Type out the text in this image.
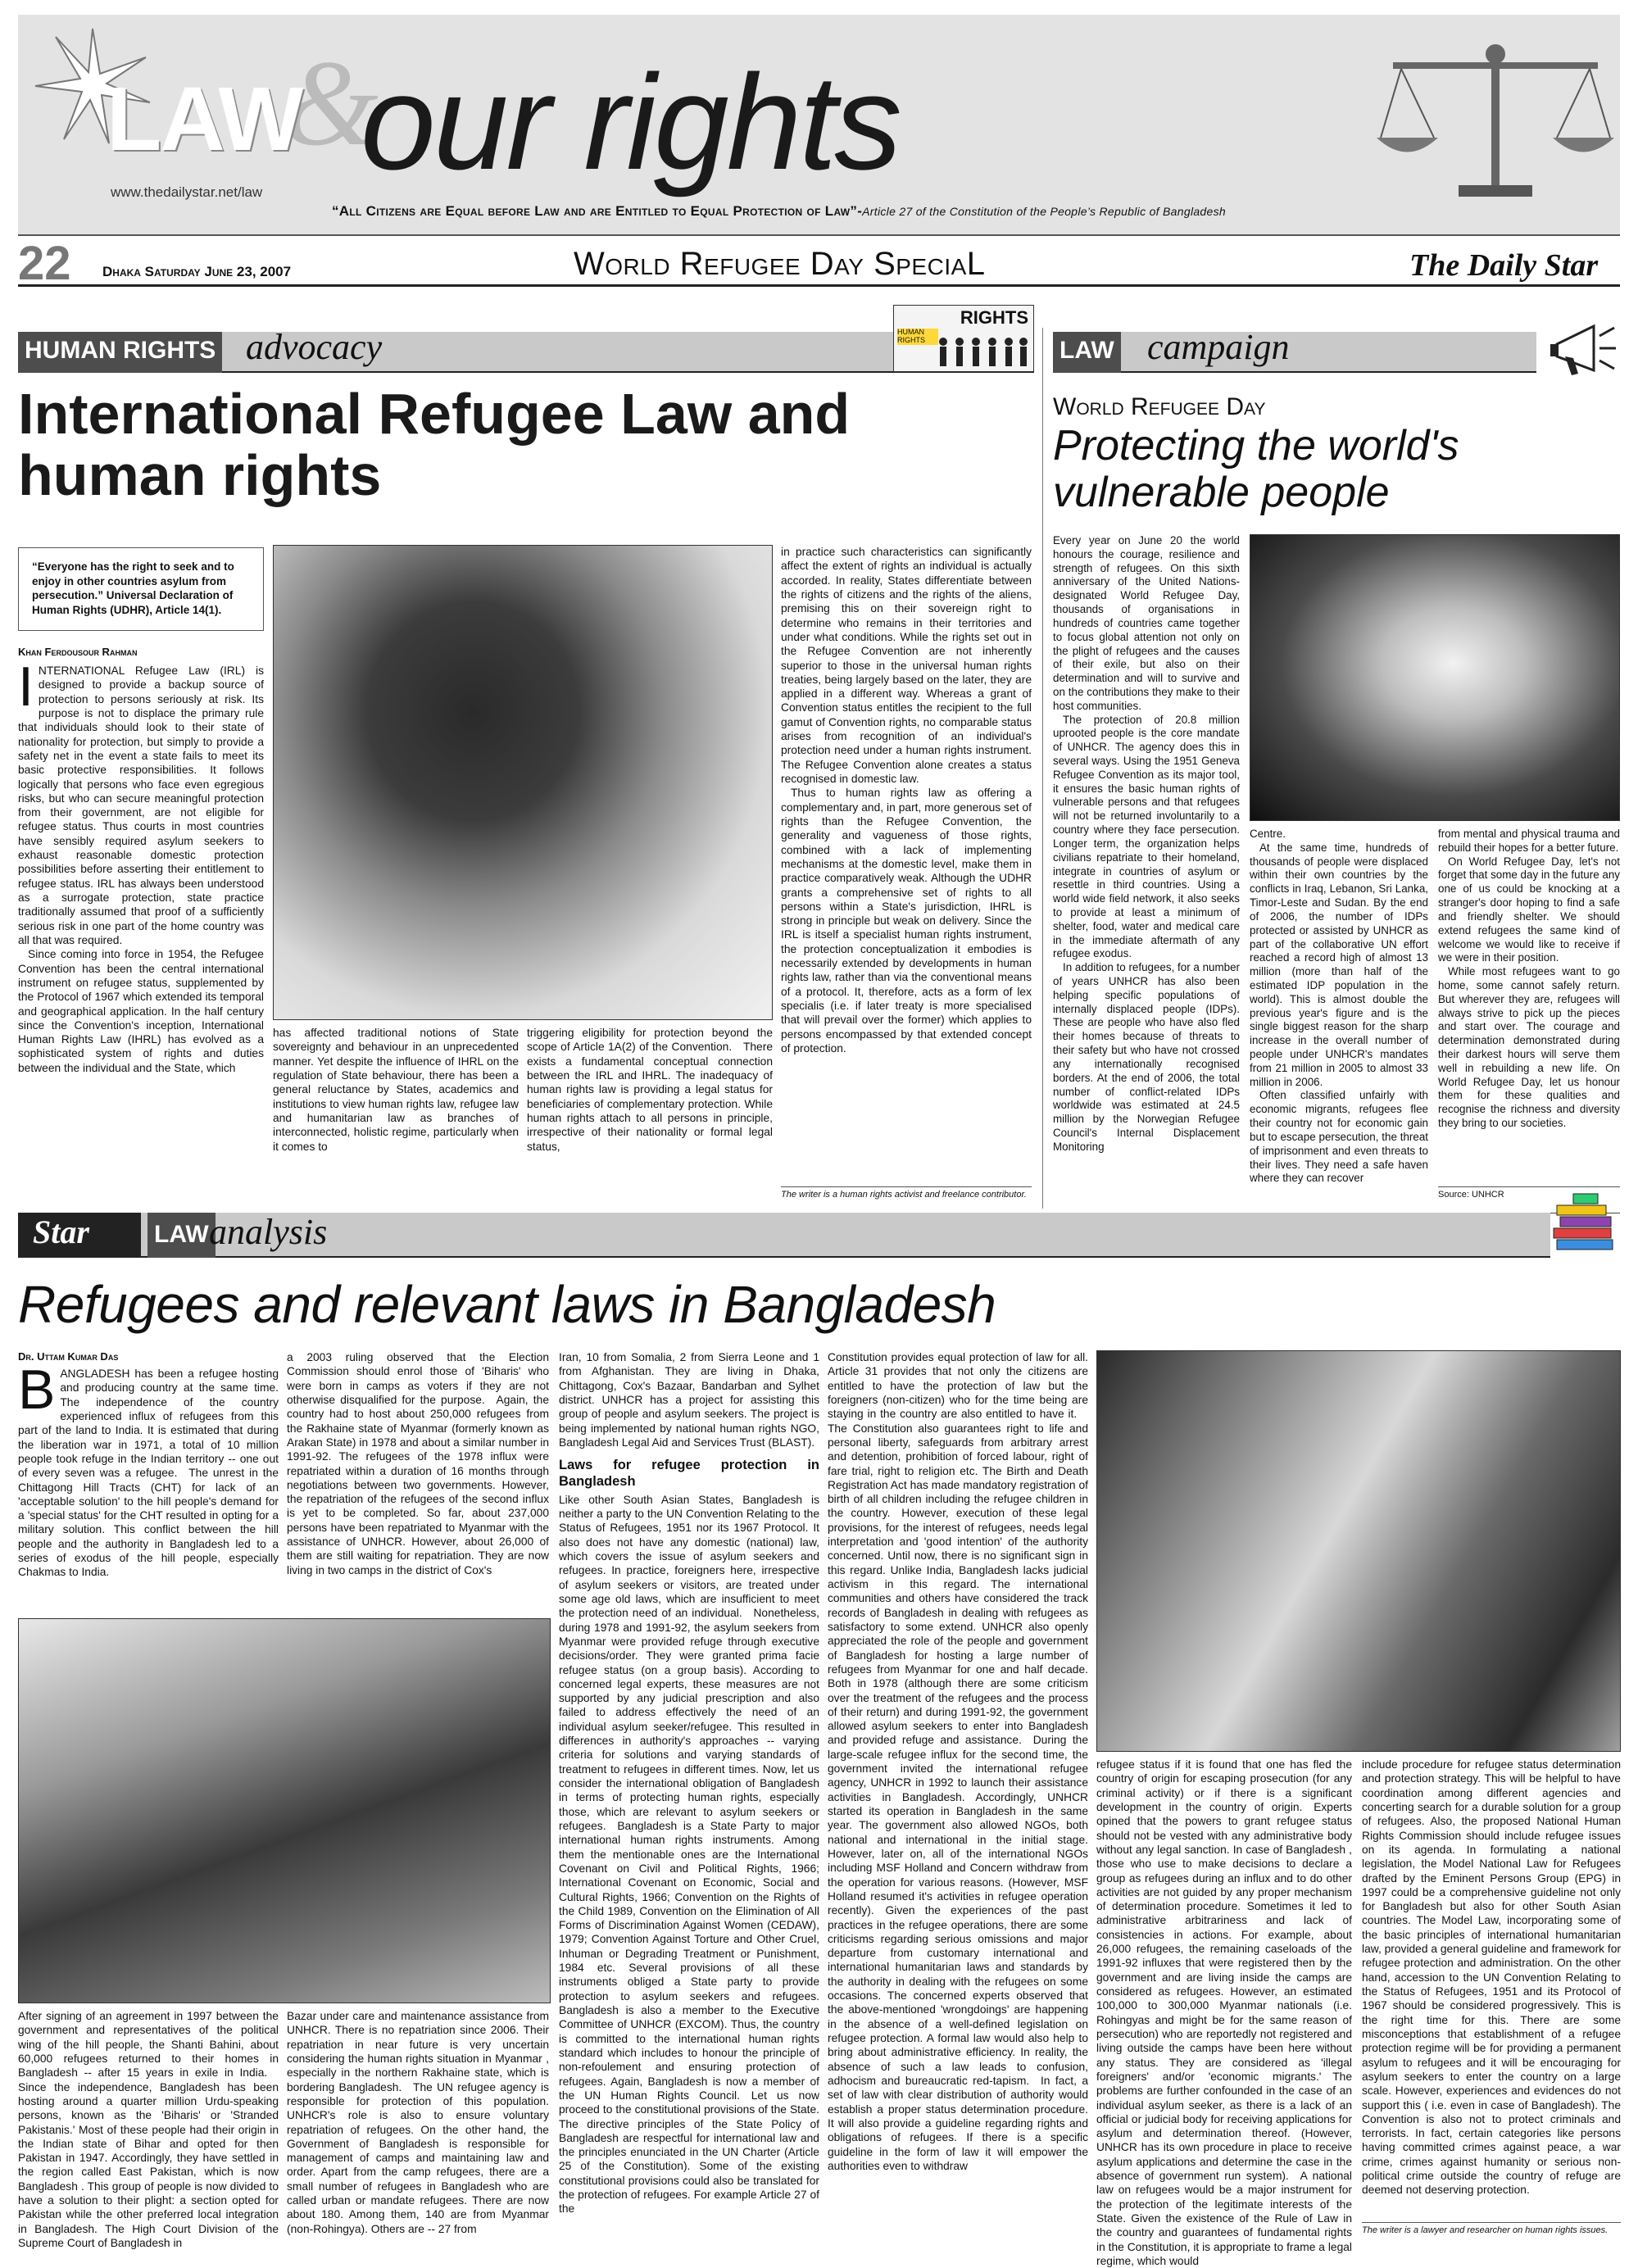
&
LAW our rights
www.thedailystar.net/law
“All Citizens are Equal before Law and are Entitled to Equal Protection of Law”-Article 27 of the Constitution of the People’s Republic of Bangladesh
22 Dhaka Saturday June 23, 2007	World Refugee Day SpeciaL	The Daily Star
HUMAN RIGHTS advocacy
RIGHTS
HUMAN RIGHTS
International Refugee Law and human rights
“Everyone has the right to seek and to enjoy in other countries asylum from persecution.” Universal Declaration of Human Rights (UDHR), Article 14(1).
Khan Ferdousour Rahman

INTERNATIONAL Refugee Law (IRL) is designed to provide a backup source of protection to persons seriously at risk. Its purpose is not to displace the primary rule that individuals should look to their state of nationality for protection, but simply to provide a safety net in the event a state fails to meet its basic protective responsibilities. It follows logically that persons who face even egregious risks, but who can secure meaningful protection from their government, are not eligible for refugee status. Thus courts in most countries have sensibly required asylum seekers to exhaust reasonable domestic protection possibilities before asserting their entitlement to refugee status. IRL has always been understood as a surrogate protection, state practice traditionally assumed that proof of a sufficiently serious risk in one part of the home country was all that was required.

Since coming into force in 1954, the Refugee Convention has been the central international instrument on refugee status, supplemented by the Protocol of 1967 which extended its temporal and geographical application. In the half century since the Convention's inception, International Human Rights Law (IHRL) has evolved as a sophisticated system of rights and duties between the individual and the State, which

has affected traditional notions of State sovereignty and behaviour in an unprecedented manner. Yet despite the influence of IHRL on the regulation of State behaviour, there has been a general reluctance by States, academics and institutions to view human rights law, refugee law and humanitarian law as branches of interconnected, holistic regime, particularly when it comes to

triggering eligibility for protection beyond the scope of Article 1A(2) of the Convention. There exists a fundamental conceptual connection between the IRL and IHRL. The inadequacy of human rights law is providing a legal status for beneficiaries of complementary protection. While human rights attach to all persons in principle, irrespective of their nationality or formal legal status,

in practice such characteristics can significantly affect the extent of rights an individual is actually accorded. In reality, States differentiate between the rights of citizens and the rights of the aliens, premising this on their sovereign right to determine who remains in their territories and under what conditions. While the rights set out in the Refugee Convention are not inherently superior to those in the universal human rights treaties, being largely based on the later, they are applied in a different way. Whereas a grant of Convention status entitles the recipient to the full gamut of Convention rights, no comparable status arises from recognition of an individual's protection need under a human rights instrument. The Refugee Convention alone creates a status recognised in domestic law.

Thus to human rights law as offering a complementary and, in part, more generous set of rights than the Refugee Convention, the generality and vagueness of those rights, combined with a lack of implementing mechanisms at the domestic level, make them in practice comparatively weak. Although the UDHR grants a comprehensive set of rights to all persons within a State's jurisdiction, IHRL is strong in principle but weak on delivery. Since the IRL is itself a specialist human rights instrument, the protection conceptualization it embodies is necessarily extended by developments in human rights law, rather than via the conventional means of a protocol. It, therefore, acts as a form of lex specialis (i.e. if later treaty is more specialised that will prevail over the former) which applies to persons encompassed by that extended concept of protection.

The writer is a human rights activist and freelance contributor.
LAW campaign
World Refugee Day
Protecting the world's vulnerable people

Every year on June 20 the world honours the courage, resilience and strength of refugees. On this sixth anniversary of the United Nations-designated World Refugee Day, thousands of organisations in hundreds of countries came together to focus global attention not only on the plight of refugees and the causes of their exile, but also on their determination and will to survive and on the contributions they make to their host communities.

The protection of 20.8 million uprooted people is the core mandate of UNHCR. The agency does this in several ways. Using the 1951 Geneva Refugee Convention as its major tool, it ensures the basic human rights of vulnerable persons and that refugees will not be returned involuntarily to a country where they face persecution. Longer term, the organization helps civilians repatriate to their homeland, integrate in countries of asylum or resettle in third countries. Using a world wide field network, it also seeks to provide at least a minimum of shelter, food, water and medical care in the immediate aftermath of any refugee exodus.

In addition to refugees, for a number of years UNHCR has also been helping specific populations of internally displaced people (IDPs). These are people who have also fled their homes because of threats to their safety but who have not crossed any internationally recognised borders. At the end of 2006, the total number of conflict-related IDPs worldwide was estimated at 24.5 million by the Norwegian Refugee Council's Internal Displacement Monitoring

Centre.

At the same time, hundreds of thousands of people were displaced within their own countries by the conflicts in Iraq, Lebanon, Sri Lanka, Timor-Leste and Sudan. By the end of 2006, the number of IDPs protected or assisted by UNHCR as part of the collaborative UN effort reached a record high of almost 13 million (more than half of the estimated IDP population in the world). This is almost double the previous year's figure and is the single biggest reason for the sharp increase in the overall number of people under UNHCR's mandates from 21 million in 2005 to almost 33 million in 2006.

Often classified unfairly with economic migrants, refugees flee their country not for economic gain but to escape persecution, the threat of imprisonment and even threats to their lives. They need a safe haven where they can recover

from mental and physical trauma and rebuild their hopes for a better future.

On World Refugee Day, let's not forget that some day in the future any one of us could be knocking at a stranger's door hoping to find a safe and friendly shelter. We should extend refugees the same kind of welcome we would like to receive if we were in their position.

While most refugees want to go home, some cannot safely return. But wherever they are, refugees will always strive to pick up the pieces and start over. The courage and determination demonstrated during their darkest hours will serve them well in rebuilding a new life. On World Refugee Day, let us honour them for these qualities and recognise the richness and diversity they bring to our societies.

Source: UNHCR
Star	LAW analysis
Refugees and relevant laws in Bangladesh
Dr. Uttam Kumar Das

BANGLADESH has been a refugee hosting and producing country at the same time. The independence of the country experienced influx of refugees from this part of the land to India. It is estimated that during the liberation war in 1971, a total of 10 million people took refuge in the Indian territory -- one out of every seven was a refugee. The unrest in the Chittagong Hill Tracts (CHT) for lack of an 'acceptable solution' to the hill people's demand for a 'special status' for the CHT resulted in opting for a military solution. This conflict between the hill people and the authority in Bangladesh led to a series of exodus of the hill people, especially Chakmas to India.

a 2003 ruling observed that the Election Commission should enrol those of 'Biharis' who were born in camps as voters if they are not otherwise disqualified for the purpose. Again, the country had to host about 250,000 refugees from the Rakhaine state of Myanmar (formerly known as Arakan State) in 1978 and about a similar number in 1991-92. The refugees of the 1978 influx were repatriated within a duration of 16 months through negotiations between two governments. However, the repatriation of the refugees of the second influx is yet to be completed. So far, about 237,000 persons have been repatriated to Myanmar with the assistance of UNHCR. However, about 26,000 of them are still waiting for repatriation. They are now living in two camps in the district of Cox's

After signing of an agreement in 1997 between the government and representatives of the political wing of the hill people, the Shanti Bahini, about 60,000 refugees returned to their homes in Bangladesh -- after 15 years in exile in India. Since the independence, Bangladesh has been hosting around a quarter million Urdu-speaking persons, known as the 'Biharis' or 'Stranded Pakistanis.' Most of these people had their origin in the Indian state of Bihar and opted for then Pakistan in 1947. Accordingly, they have settled in the region called East Pakistan, which is now Bangladesh . This group of people is now divided to have a solution to their plight: a section opted for Pakistan while the other preferred local integration in Bangladesh. The High Court Division of the Supreme Court of Bangladesh in

Bazar under care and maintenance assistance from UNHCR. There is no repatriation since 2006. Their repatriation in near future is very uncertain considering the human rights situation in Myanmar , especially in the northern Rakhaine state, which is bordering Bangladesh. The UN refugee agency is responsible for protection of this population. UNHCR's role is also to ensure voluntary repatriation of refugees. On the other hand, the Government of Bangladesh is responsible for management of camps and maintaining law and order. Apart from the camp refugees, there are a small number of refugees in Bangladesh who are called urban or mandate refugees. There are now about 180. Among them, 140 are from Myanmar (non-Rohingya). Others are -- 27 from

Iran, 10 from Somalia, 2 from Sierra Leone and 1 from Afghanistan. They are living in Dhaka, Chittagong, Cox's Bazaar, Bandarban and Sylhet district. UNHCR has a project for assisting this group of people and asylum seekers. The project is being implemented by national human rights NGO, Bangladesh Legal Aid and Services Trust (BLAST).

Laws for refugee protection in Bangladesh

Like other South Asian States, Bangladesh is neither a party to the UN Convention Relating to the Status of Refugees, 1951 nor its 1967 Protocol. It also does not have any domestic (national) law, which covers the issue of asylum seekers and refugees. In practice, foreigners here, irrespective of asylum seekers or visitors, are treated under some age old laws, which are insufficient to meet the protection need of an individual. Nonetheless, during 1978 and 1991-92, the asylum seekers from Myanmar were provided refuge through executive decisions/order. They were granted prima facie refugee status (on a group basis). According to concerned legal experts, these measures are not supported by any judicial prescription and also failed to address effectively the need of an individual asylum seeker/refugee. This resulted in differences in authority's approaches -- varying criteria for solutions and varying standards of treatment to refugees in different times. Now, let us consider the international obligation of Bangladesh in terms of protecting human rights, especially those, which are relevant to asylum seekers or refugees. Bangladesh is a State Party to major international human rights instruments. Among them the mentionable ones are the International Covenant on Civil and Political Rights, 1966; International Covenant on Economic, Social and Cultural Rights, 1966; Convention on the Rights of the Child 1989, Convention on the Elimination of All Forms of Discrimination Against Women (CEDAW), 1979; Convention Against Torture and Other Cruel, Inhuman or Degrading Treatment or Punishment, 1984 etc. Several provisions of all these instruments obliged a State party to provide protection to asylum seekers and refugees. Bangladesh is also a member to the Executive Committee of UNHCR (EXCOM). Thus, the country is committed to the international human rights standard which includes to honour the principle of non-refoulement and ensuring protection of refugees. Again, Bangladesh is now a member of the UN Human Rights Council. Let us now proceed to the constitutional provisions of the State. The directive principles of the State Policy of Bangladesh are respectful for international law and the principles enunciated in the UN Charter (Article 25 of the Constitution). Some of the existing constitutional provisions could also be translated for the protection of refugees. For example Article 27 of the

Constitution provides equal protection of law for all. Article 31 provides that not only the citizens are entitled to have the protection of law but the foreigners (non-citizen) who for the time being are staying in the country are also entitled to have it. The Constitution also guarantees right to life and personal liberty, safeguards from arbitrary arrest and detention, prohibition of forced labour, right of fare trial, right to religion etc. The Birth and Death Registration Act has made mandatory registration of birth of all children including the refugee children in the country. However, execution of these legal provisions, for the interest of refugees, needs legal interpretation and 'good intention' of the authority concerned. Until now, there is no significant sign in this regard. Unlike India, Bangladesh lacks judicial activism in this regard. The international communities and others have considered the track records of Bangladesh in dealing with refugees as satisfactory to some extend. UNHCR also openly appreciated the role of the people and government of Bangladesh for hosting a large number of refugees from Myanmar for one and half decade. Both in 1978 (although there are some criticism over the treatment of the refugees and the process of their return) and during 1991-92, the government allowed asylum seekers to enter into Bangladesh and provided refuge and assistance. During the large-scale refugee influx for the second time, the government invited the international refugee agency, UNHCR in 1992 to launch their assistance activities in Bangladesh. Accordingly, UNHCR started its operation in Bangladesh in the same year. The government also allowed NGOs, both national and international in the initial stage. However, later on, all of the international NGOs including MSF Holland and Concern withdraw from the operation for various reasons. (However, MSF Holland resumed it's activities in refugee operation recently). Given the experiences of the past practices in the refugee operations, there are some criticisms regarding serious omissions and major departure from customary international and international humanitarian laws and standards by the authority in dealing with the refugees on some occasions. The concerned experts observed that the above-mentioned 'wrongdoings' are happening in the absence of a well-defined legislation on refugee protection. A formal law would also help to bring about administrative efficiency. In reality, the absence of such a law leads to confusion, adhocism and bureaucratic red-tapism. In fact, a set of law with clear distribution of authority would establish a proper status determination procedure. It will also provide a guideline regarding rights and obligations of refugees. If there is a specific guideline in the form of law it will empower the authorities even to withdraw

refugee status if it is found that one has fled the country of origin for escaping prosecution (for any criminal activity) or if there is a significant development in the country of origin. Experts opined that the powers to grant refugee status should not be vested with any administrative body without any legal sanction. In case of Bangladesh , those who use to make decisions to declare a group as refugees during an influx and to do other activities are not guided by any proper mechanism of determination procedure. Sometimes it led to administrative arbitrariness and lack of consistencies in actions. For example, about 26,000 refugees, the remaining caseloads of the 1991-92 influxes that were registered then by the government and are living inside the camps are considered as refugees. However, an estimated 100,000 to 300,000 Myanmar nationals (i.e. Rohingyas and might be for the same reason of persecution) who are reportedly not registered and living outside the camps have been here without any status. They are considered as 'illegal foreigners' and/or 'economic migrants.' The problems are further confounded in the case of an individual asylum seeker, as there is a lack of an official or judicial body for receiving applications for asylum and determination thereof. (However, UNHCR has its own procedure in place to receive asylum applications and determine the case in the absence of government run system). A national law on refugees would be a major instrument for the protection of the legitimate interests of the State. Given the existence of the Rule of Law in the country and guarantees of fundamental rights in the Constitution, it is appropriate to frame a legal regime, which would

include procedure for refugee status determination and protection strategy. This will be helpful to have coordination among different agencies and concerting search for a durable solution for a group of refugees. Also, the proposed National Human Rights Commission should include refugee issues on its agenda. In formulating a national legislation, the Model National Law for Refugees drafted by the Eminent Persons Group (EPG) in 1997 could be a comprehensive guideline not only for Bangladesh but also for other South Asian countries. The Model Law, incorporating some of the basic principles of international humanitarian law, provided a general guideline and framework for refugee protection and administration. On the other hand, accession to the UN Convention Relating to the Status of Refugees, 1951 and its Protocol of 1967 should be considered progressively. This is the right time for this. There are some misconceptions that establishment of a refugee protection regime will be for providing a permanent asylum to refugees and it will be encouraging for asylum seekers to enter the country on a large scale. However, experiences and evidences do not support this ( i.e. even in case of Bangladesh). The Convention is also not to protect criminals and terrorists. In fact, certain categories like persons having committed crimes against peace, a war crime, crimes against humanity or serious non-political crime outside the country of refuge are deemed not deserving protection.

The writer is a lawyer and researcher on human rights issues.
